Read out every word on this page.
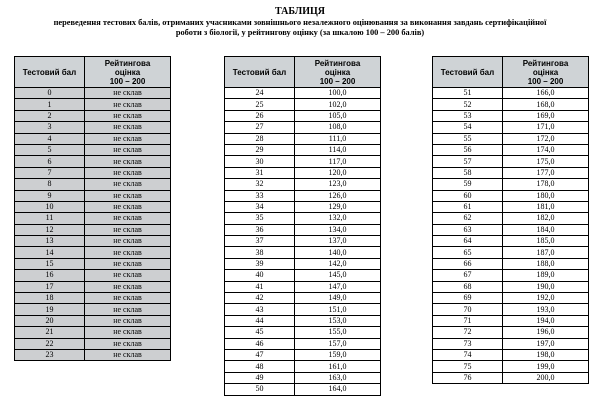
ТАБЛИЦЯ
переведення тестових балів, отриманих учасниками зовнішнього незалежного оцінювання за виконання завдань сертифікаційної роботи з біології, у рейтингову оцінку (за шкалою 100 – 200 балів)
Тестовий бал	Рейтингова
оцінка
100 – 200
0	не склав
1	не склав
2	не склав
3	не склав
4	не склав
5	не склав
6	не склав
7	не склав
8	не склав
9	не склав
10	не склав
11	не склав
12	не склав
13	не склав
14	не склав
15	не склав
16	не склав
17	не склав
18	не склав
19	не склав
20	не склав
21	не склав
22	не склав
23	не склав
Тестовий бал	Рейтингова
оцінка
100 – 200
24	100,0
25	102,0
26	105,0
27	108,0
28	111,0
29	114,0
30	117,0
31	120,0
32	123,0
33	126,0
34	129,0
35	132,0
36	134,0
37	137,0
38	140,0
39	142,0
40	145,0
41	147,0
42	149,0
43	151,0
44	153,0
45	155,0
46	157,0
47	159,0
48	161,0
49	163,0
50	164,0
Тестовий бал	Рейтингова
оцінка
100 – 200
51	166,0
52	168,0
53	169,0
54	171,0
55	172,0
56	174,0
57	175,0
58	177,0
59	178,0
60	180,0
61	181,0
62	182,0
63	184,0
64	185,0
65	187,0
66	188,0
67	189,0
68	190,0
69	192,0
70	193,0
71	194,0
72	196,0
73	197,0
74	198,0
75	199,0
76	200,0
